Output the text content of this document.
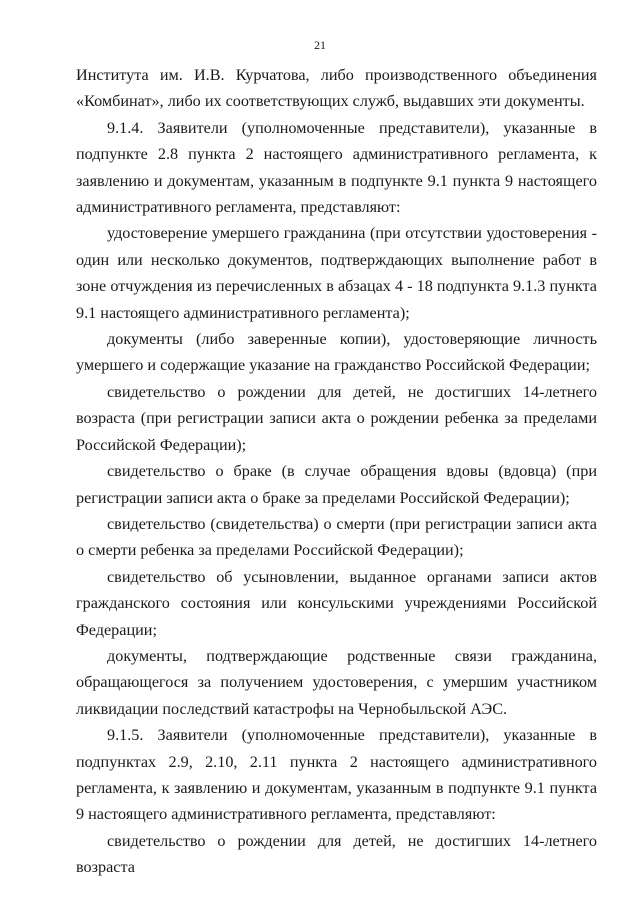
21

Института им. И.В. Курчатова, либо производственного объединения «Комбинат», либо их соответствующих служб, выдавших эти документы.

9.1.4. Заявители (уполномоченные представители), указанные в подпункте 2.8 пункта 2 настоящего административного регламента, к заявлению и документам, указанным в подпункте 9.1 пункта 9 настоящего административного регламента, представляют:

удостоверение умершего гражданина (при отсутствии удостоверения - один или несколько документов, подтверждающих выполнение работ в зоне отчуждения из перечисленных в абзацах 4 - 18 подпункта 9.1.3 пункта 9.1 настоящего административного регламента);

документы (либо заверенные копии), удостоверяющие личность умершего и содержащие указание на гражданство Российской Федерации;

свидетельство о рождении для детей, не достигших 14-летнего возраста (при регистрации записи акта о рождении ребенка за пределами Российской Федерации);

свидетельство о браке (в случае обращения вдовы (вдовца) (при регистрации записи акта о браке за пределами Российской Федерации);

свидетельство (свидетельства) о смерти (при регистрации записи акта о смерти ребенка за пределами Российской Федерации);

свидетельство об усыновлении, выданное органами записи актов гражданского состояния или консульскими учреждениями Российской Федерации;

документы, подтверждающие родственные связи гражданина, обращающегося за получением удостоверения, с умершим участником ликвидации последствий катастрофы на Чернобыльской АЭС.

9.1.5. Заявители (уполномоченные представители), указанные в подпунктах 2.9, 2.10, 2.11 пункта 2 настоящего административного регламента, к заявлению и документам, указанным в подпункте 9.1 пункта 9 настоящего административного регламента, представляют:

свидетельство о рождении для детей, не достигших 14-летнего возраста
